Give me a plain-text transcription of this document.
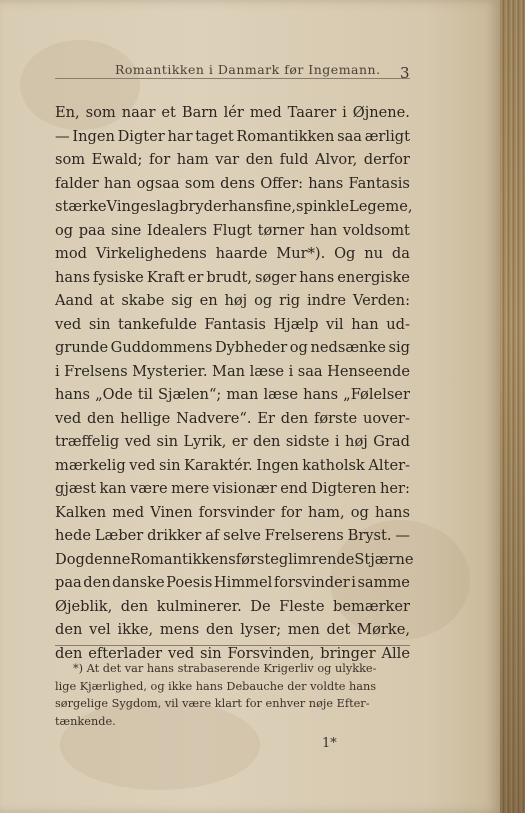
Romantikken i Danmark før Ingemann. 3
En, som naar et Barn lér med Taarer i Øjnene.
— Ingen Digter har taget Romantikken saa ærligt
som Ewald; for ham var den fuld Alvor, derfor
falder han ogsaa som dens Offer: hans Fantasis
stærke Vingeslag bryder hans fine, spinkle Legeme,
og paa sine Idealers Flugt tørner han voldsomt
mod Virkelighedens haarde Mur*). Og nu da
hans fysiske Kraft er brudt, søger hans energiske
Aand at skabe sig en høj og rig indre Verden:
ved sin tankefulde Fantasis Hjælp vil han ud-
grunde Guddommens Dybheder og nedsænke sig
i Frelsens Mysterier. Man læse i saa Henseende
hans „Ode til Sjælen“; man læse hans „Følelser
ved den hellige Nadvere“. Er den første uover-
træffelig ved sin Lyrik, er den sidste i høj Grad
mærkelig ved sin Karaktér. Ingen katholsk Alter-
gjæst kan være mere visionær end Digteren her:
Kalken med Vinen forsvinder for ham, og hans
hede Læber drikker af selve Frelserens Bryst. —
Dog denne Romantikkens første glimrende Stjærne
paa den danske Poesis Himmel forsvinder i samme
Øjeblik, den kulminerer. De Fleste bemærker
den vel ikke, mens den lyser; men det Mørke,
den efterlader ved sin Forsvinden, bringer Alle
*) At det var hans strabaserende Krigerliv og ulykke-
lige Kjærlighed, og ikke hans Debauche der voldte hans
sørgelige Sygdom, vil være klart for enhver nøje Efter-
tænkende.
1*
